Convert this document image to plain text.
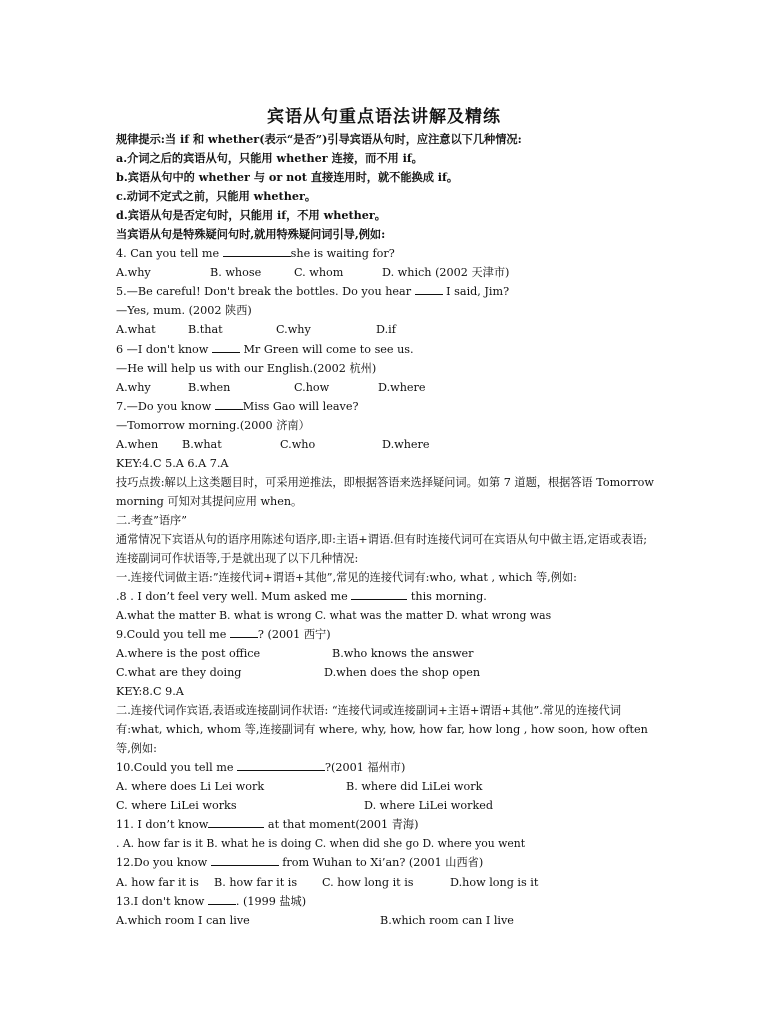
宾语从句重点语法讲解及精练
规律提示:当 if 和 whether(表示“是否”)引导宾语从句时，应注意以下几种情况:
a.介词之后的宾语从句，只能用 whether 连接，而不用 if。
b.宾语从句中的 whether 与 or not 直接连用时，就不能换成 if。
c.动词不定式之前，只能用 whether。
d.宾语从句是否定句时，只能用 if，不用 whether。
当宾语从句是特殊疑问句时,就用特殊疑问词引导,例如:
4. Can you tell me	she is waiting for?
A.why	B. whose	C. whom	D. which (2002 天津市)
5.—Be careful! Don't break the bottles. Do you hear	I said, Jim?
—Yes, mum. (2002 陕西)
A.what	B.that	C.why	D.if
6 —I don't know	Mr Green will come to see us.
—He will help us with our English.(2002 杭州)
A.why	B.when	C.how	D.where
7.—Do you know	Miss Gao will leave?
—Tomorrow morning.(2000 济南）
A.when	B.what	C.who	D.where
KEY:4.C 5.A 6.A 7.A
技巧点拨:解以上这类题目时，可采用逆推法，即根据答语来选择疑问词。如第 7 道题，根据答语 Tomorrow morning 可知对其提问应用 when。
二.考查”语序”
通常情况下宾语从句的语序用陈述句语序,即:主语+谓语.但有时连接代词可在宾语从句中做主语,定语或表语;连接副词可作状语等,于是就出现了以下几种情况:
一.连接代词做主语:”连接代词+谓语+其他”,常见的连接代词有:who, what , which 等,例如:
.8 . I don’t feel very well. Mum asked me	this morning.
A.what the matter B. what is wrong C. what was the matter D. what wrong was
9.Could you tell me	? (2001 西宁)
A.where is the post office	B.who knows the answer
C.what are they doing	D.when does the shop open
KEY:8.C 9.A
二.连接代词作宾语,表语或连接副词作状语: “连接代词或连接副词+主语+谓语+其他”.常见的连接代词有:what, which, whom 等,连接副词有 where, why, how, how far, how long , how soon, how often 等,例如:
10.Could you tell me	?(2001 福州市)
A. where does Li Lei work	B. where did LiLei work
C. where LiLei works	D. where LiLei worked
11. I don’t know	at that moment(2001 青海)
. A. how far is it B. what he is doing C. when did she go D. where you went
12.Do you know	from Wuhan to Xi’an? (2001 山西省)
A. how far it is	B. how far it is	C. how long it is	D.how long is it
13.I don't know	. (1999 盐城)
A.which room I can live	B.which room can I live
